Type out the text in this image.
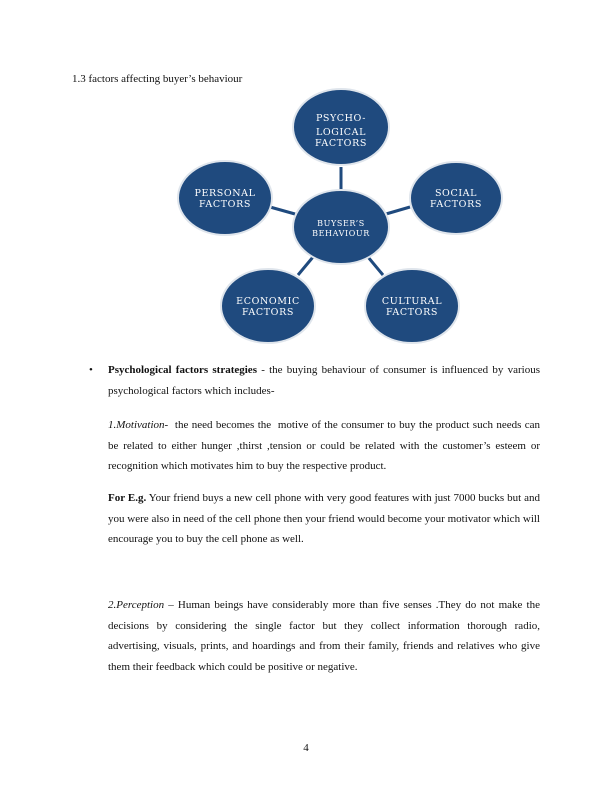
1.3 factors affecting buyer’s behaviour
PSYCHO-
LOGICAL
FACTORS
SOCIAL
FACTORS
PERSONAL
FACTORS
CULTURAL
FACTORS
ECONOMIC
FACTORS
BUYSER’S
BEHAVIOUR
• Psychological factors strategies - the buying behaviour of consumer is influenced by various psychological factors which includes-

1.Motivation-  the need becomes the  motive of the consumer to buy the product such needs can be related to either hunger ,thirst ,tension or could be related with the customer’s esteem or recognition which motivates him to buy the respective product.

For E.g. Your friend buys a new cell phone with very good features with just 7000 bucks but and you were also in need of the cell phone then your friend would become your motivator which will encourage you to buy the cell phone as well.

2.Perception – Human beings have considerably more than five senses .They do not make the decisions by considering the single factor but they collect information thorough radio, advertising, visuals, prints, and hoardings and from their family, friends and relatives who give them their feedback which could be positive or negative.

4
